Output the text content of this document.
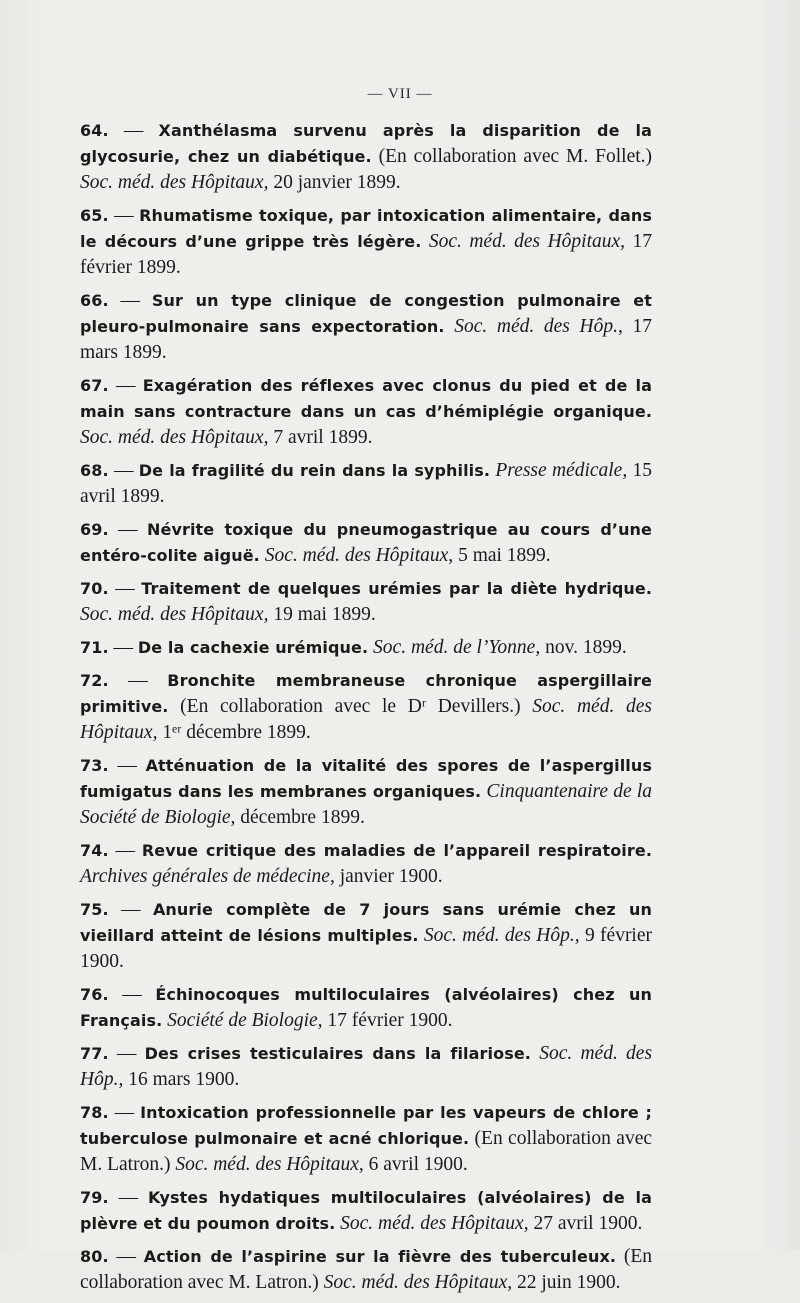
— VII —
64. — Xanthélasma survenu après la disparition de la glycosurie, chez un diabétique. (En collaboration avec M. Follet.) Soc. méd. des Hôpitaux, 20 janvier 1899.
65. — Rhumatisme toxique, par intoxication alimentaire, dans le décours d’une grippe très légère. Soc. méd. des Hôpitaux, 17 février 1899.
66. — Sur un type clinique de congestion pulmonaire et pleuro-pulmonaire sans expectoration. Soc. méd. des Hôp., 17 mars 1899.
67. — Exagération des réflexes avec clonus du pied et de la main sans contracture dans un cas d’hémiplégie organique. Soc. méd. des Hôpitaux, 7 avril 1899.
68. — De la fragilité du rein dans la syphilis. Presse médicale, 15 avril 1899.
69. — Névrite toxique du pneumogastrique au cours d’une entéro-colite aiguë. Soc. méd. des Hôpitaux, 5 mai 1899.
70. — Traitement de quelques urémies par la diète hydrique. Soc. méd. des Hôpitaux, 19 mai 1899.
71. — De la cachexie urémique. Soc. méd. de l’Yonne, nov. 1899.
72. — Bronchite membraneuse chronique aspergillaire primitive. (En collaboration avec le Dʳ Devillers.) Soc. méd. des Hôpitaux, 1ᵉʳ décembre 1899.
73. — Atténuation de la vitalité des spores de l’aspergillus fumigatus dans les membranes organiques. Cinquantenaire de la Société de Biologie, décembre 1899.
74. — Revue critique des maladies de l’appareil respiratoire. Archives générales de médecine, janvier 1900.
75. — Anurie complète de 7 jours sans urémie chez un vieillard atteint de lésions multiples. Soc. méd. des Hôp., 9 février 1900.
76. — Échinocoques multiloculaires (alvéolaires) chez un Français. Société de Biologie, 17 février 1900.
77. — Des crises testiculaires dans la filariose. Soc. méd. des Hôp., 16 mars 1900.
78. — Intoxication professionnelle par les vapeurs de chlore ; tuberculose pulmonaire et acné chlorique. (En collaboration avec M. Latron.) Soc. méd. des Hôpitaux, 6 avril 1900.
79. — Kystes hydatiques multiloculaires (alvéolaires) de la plèvre et du poumon droits. Soc. méd. des Hôpitaux, 27 avril 1900.
80. — Action de l’aspirine sur la fièvre des tuberculeux. (En collaboration avec M. Latron.) Soc. méd. des Hôpitaux, 22 juin 1900.
